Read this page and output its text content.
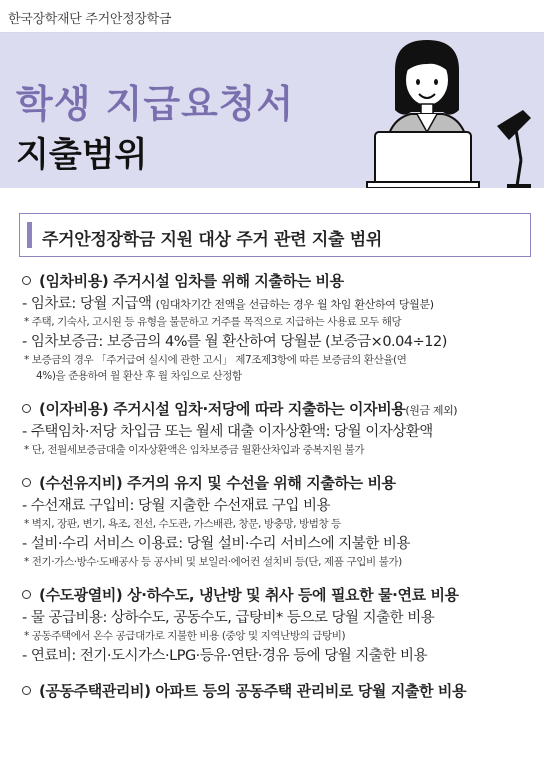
한국장학재단 주거안정장학금
학생 지급요청서
지출범위
주거안정장학금 지원 대상 주거 관련 지출 범위
(임차비용) 주거시설 임차를 위해 지출하는 비용
- 임차료: 당월 지급액 (임대차기간 전액을 선급하는 경우 월 차임 환산하여 당월분)
* 주택, 기숙사, 고시원 등 유형을 불문하고 거주를 목적으로 지급하는 사용료 모두 해당
- 임차보증금: 보증금의 4%를 월 환산하여 당월분 (보증금×0.04÷12)
* 보증금의 경우 「주거급여 실시에 관한 고시」 제7조제3항에 따른 보증금의 환산율(연
4%)을 준용하여 월 환산 후 월 차임으로 산정함
(이자비용) 주거시설 임차·저당에 따라 지출하는 이자비용(원금 제외)
- 주택임차·저당 차입금 또는 월세 대출 이자상환액: 당월 이자상환액
* 단, 전월세보증금대출 이자상환액은 임차보증금 월환산차입과 중복지원 불가
(수선유지비) 주거의 유지 및 수선을 위해 지출하는 비용
- 수선재료 구입비: 당월 지출한 수선재료 구입 비용
* 벽지, 장판, 변기, 욕조, 전선, 수도관, 가스배관, 창문, 방충망, 방범창 등
- 설비·수리 서비스 이용료: 당월 설비·수리 서비스에 지불한 비용
* 전기·가스·방수·도배공사 등 공사비 및 보일러·에어컨 설치비 등(단, 제품 구입비 불가)
(수도광열비) 상·하수도, 냉난방 및 취사 등에 필요한 물·연료 비용
- 물 공급비용: 상하수도, 공동수도, 급탕비* 등으로 당월 지출한 비용
* 공동주택에서 온수 공급대가로 지불한 비용 (중앙 및 지역난방의 급탕비)
- 연료비: 전기·도시가스·LPG·등유·연탄·경유 등에 당월 지출한 비용
(공동주택관리비) 아파트 등의 공동주택 관리비로 당월 지출한 비용
